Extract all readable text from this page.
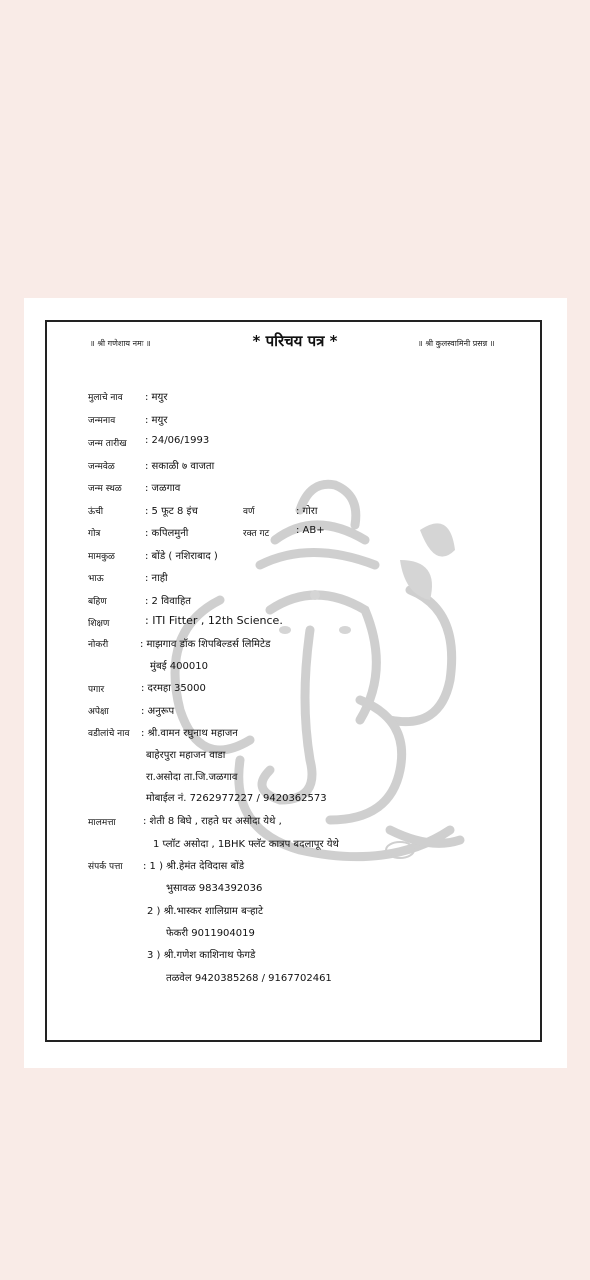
॥ श्री गणेशाय नमः ॥	* परिचय पत्र *	॥ श्री कुलस्वामिनी प्रसन्न ॥
मुलाचे नाव : मयुर
जन्मनाव	: मयुर
जन्म तारीख : 24/06/1993
जन्मवेळ	: सकाळी ७ वाजता
जन्म स्थळ : जळगाव
ऊंची	: 5 फूट 8 इंच	वर्ण	: गोरा
गोत्र	: कपिलमुनी	रक्त गट	: AB+
मामकुळ	: बोंडे ( नशिराबाद )
भाऊ	: नाही
बहिण	: 2 विवाहित
शिक्षण	: ITI Fitter , 12th Science.
नोकरी	: माझगाव डॉक शिपबिल्डर्स लिमिटेड
मुंबई 400010
पगार	: दरमहा 35000
अपेक्षा	: अनुरूप
वडीलांचे नाव : श्री.वामन रघुनाथ महाजन
बाहेरपुरा महाजन वाडा
रा.असोदा ता.जि.जळगाव
मोबाईल नं. 7262977227 / 9420362573
मालमत्ता	: शेती 8 बिघे , राहते घर असोदा येथे ,
1 प्लॉट असोदा , 1BHK फ्लॅट कात्रप बदलापूर येथे
संपर्क पत्ता : 1 ) श्री.हेमंत देविदास बोंडे
भुसावळ 9834392036
2 ) श्री.भास्कर शालिग्राम बऱ्हाटे
फेकरी 9011904019
3 ) श्री.गणेश काशिनाथ फेगडे
तळवेल 9420385268 / 9167702461
